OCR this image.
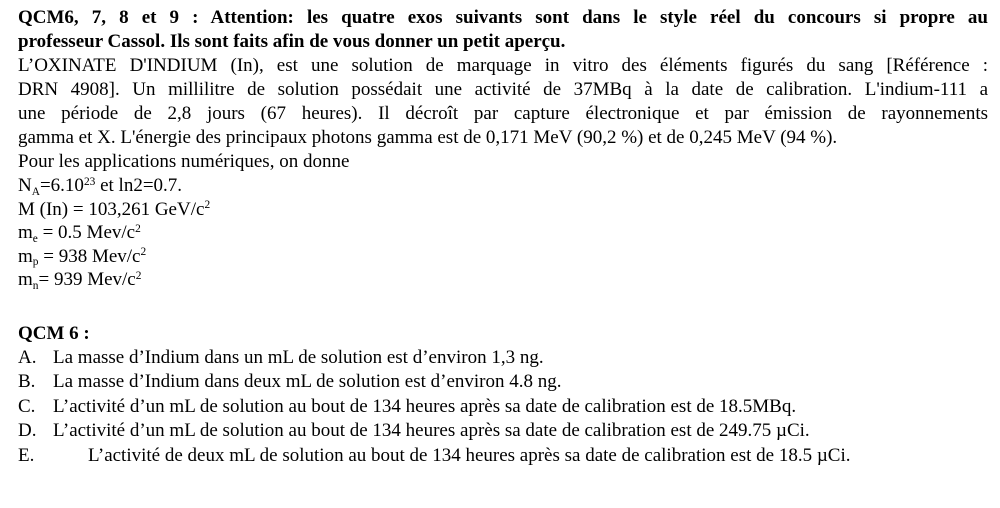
QCM6, 7, 8 et 9 : Attention: les quatre exos suivants sont dans le style réel du concours si propre au
professeur Cassol. Ils sont faits afin de vous donner un petit aperçu.
L’OXINATE D'INDIUM (In), est une solution de marquage in vitro des éléments figurés du sang [Référence :
DRN 4908]. Un millilitre de solution possédait une activité de 37MBq à la date de calibration. L'indium-111 a
une période de 2,8 jours (67 heures). Il décroît par capture électronique et par émission de rayonnements
gamma et X. L'énergie des principaux photons gamma est de 0,171 MeV (90,2 %) et de 0,245 MeV (94 %).
Pour les applications numériques, on donne
$N_A=6.10^{23}$ et ln2=0.7.
M (In) = 103,261 GeV/$c^2$
$m_e = 0.5$ Mev/$c^2$
$m_p = 938$ Mev/$c^2$
$m_n= 939$ Mev/$c^2$
QCM 6 :
A. La masse d’Indium dans un mL de solution est d’environ 1,3 ng.
B. La masse d’Indium dans deux mL de solution est d’environ 4.8 ng.
C. L’activité d’un mL de solution au bout de 134 heures après sa date de calibration est de 18.5MBq.
D. L’activité d’un mL de solution au bout de 134 heures après sa date de calibration est de 249.75 µCi.
E.	L’activité de deux mL de solution au bout de 134 heures après sa date de calibration est de 18.5 µCi.
